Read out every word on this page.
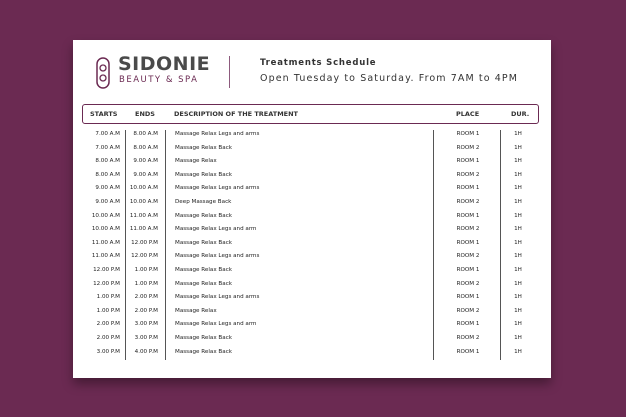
SIDONIE
BEAUTY & SPA
Treatments Schedule
Open Tuesday to Saturday. From 7AM to 4PM
STARTS	ENDS	DESCRIPTION OF THE TREATMENT	PLACE	DUR.
7.00 A.M	8.00 A.M	Massage Relax Legs and arms	ROOM 1	1H
7.00 A.M	8.00 A.M	Massage Relax Back	ROOM 2	1H
8.00 A.M	9.00 A.M	Massage Relax	ROOM 1	1H
8.00 A.M	9.00 A.M	Massage Relax Back	ROOM 2	1H
9.00 A.M	10.00 A.M	Massage Relax Legs and arms	ROOM 1	1H
9.00 A.M	10.00 A.M	Deep Massage Back	ROOM 2	1H
10.00 A.M	11.00 A.M	Massage Relax Back	ROOM 1	1H
10.00 A.M	11.00 A.M	Massage Relax Legs and arm	ROOM 2	1H
11.00 A.M	12.00 P.M	Massage Relax Back	ROOM 1	1H
11.00 A.M	12.00 P.M	Massage Relax Legs and arms	ROOM 2	1H
12.00 P.M	1.00 P.M	Massage Relax Back	ROOM 1	1H
12.00 P.M	1.00 P.M	Massage Relax Back	ROOM 2	1H
1.00 P.M	2.00 P.M	Massage Relax Legs and arms	ROOM 1	1H
1.00 P.M	2.00 P.M	Massage Relax	ROOM 2	1H
2.00 P.M	3.00 P.M	Massage Relax Legs and arm	ROOM 1	1H
2.00 P.M	3.00 P.M	Massage Relax Back	ROOM 2	1H
3.00 P.M	4.00 P.M	Massage Relax Back	ROOM 1	1H
